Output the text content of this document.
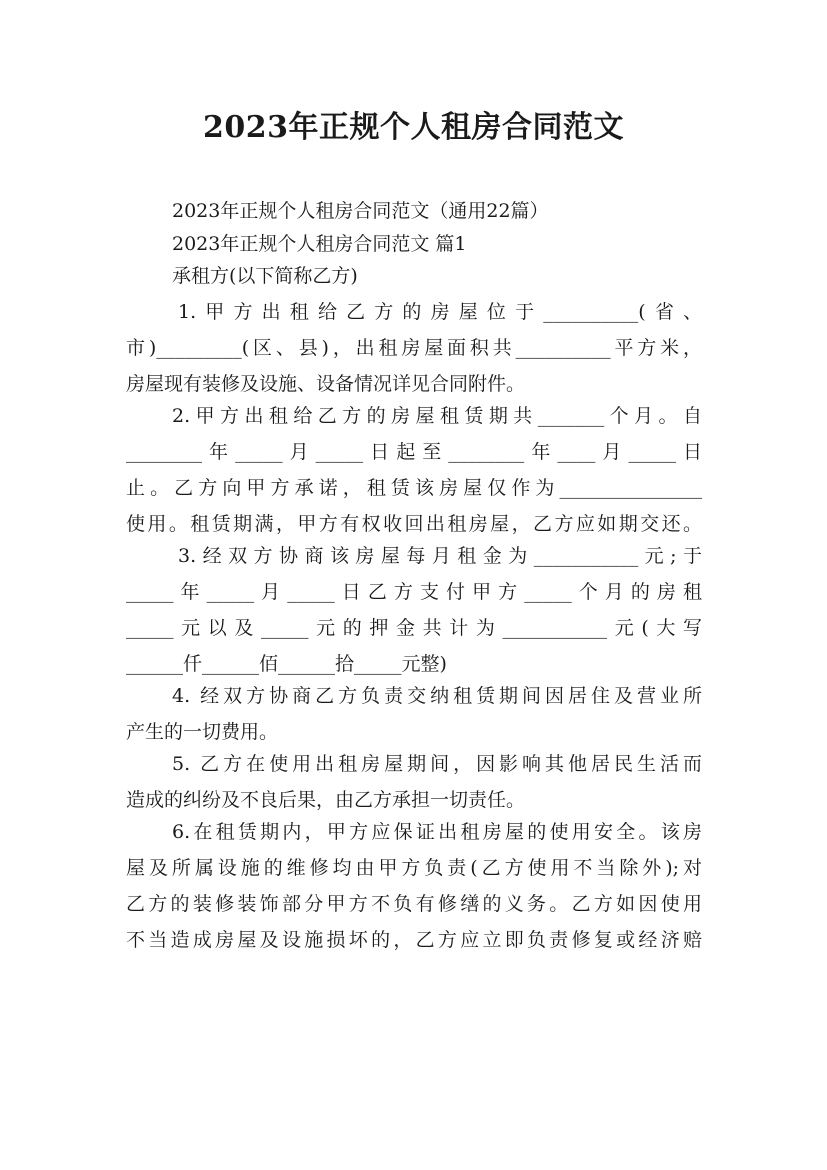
2023年正规个人租房合同范文
2023年正规个人租房合同范文（通用22篇）
2023年正规个人租房合同范文 篇1
承租方(以下简称乙方)
1.甲方出租给乙方的房屋位于__________(省、
市)_________(区、县)，出租房屋面积共__________平方米，
房屋现有装修及设施、设备情况详见合同附件。
2.甲方出租给乙方的房屋租赁期共_______个月。自
________年_____月_____日起至________年____月_____日
止。乙方向甲方承诺，租赁该房屋仅作为_______________
使用。租赁期满，甲方有权收回出租房屋，乙方应如期交还。
3.经双方协商该房屋每月租金为___________元;于
_____年_____月_____日乙方支付甲方_____个月的房租
_____元以及_____元的押金共计为___________元(大写
______仟______佰______拾_____元整)
4. 经双方协商乙方负责交纳租赁期间因居住及营业所
产生的一切费用。
5. 乙方在使用出租房屋期间，因影响其他居民生活而
造成的纠纷及不良后果，由乙方承担一切责任。
6.在租赁期内，甲方应保证出租房屋的使用安全。该房
屋及所属设施的维修均由甲方负责(乙方使用不当除外);对
乙方的装修装饰部分甲方不负有修缮的义务。乙方如因使用
不当造成房屋及设施损坏的，乙方应立即负责修复或经济赔
